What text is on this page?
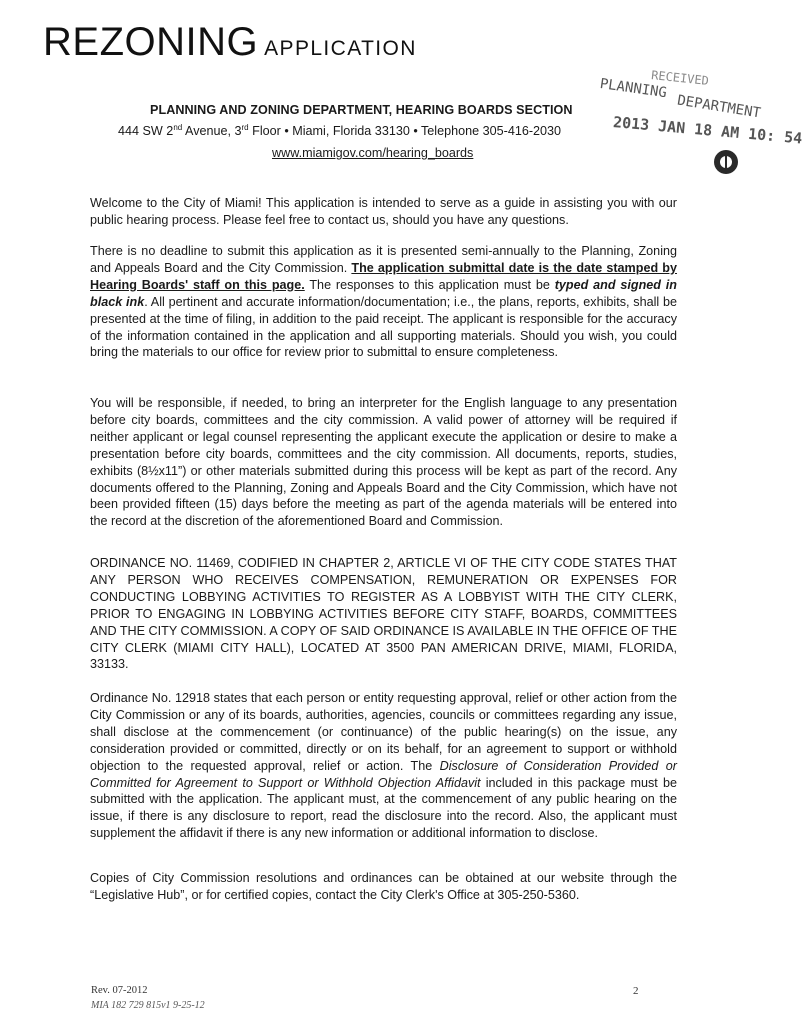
REZONING APPLICATION
RECEIVED
PLANNING
DEPARTMENT
2013 JAN 18 AM 10: 54
PLANNING AND ZONING DEPARTMENT, HEARING BOARDS SECTION
444 SW 2nd Avenue, 3rd Floor • Miami, Florida 33130 • Telephone 305-416-2030
www.miamigov.com/hearing_boards

Welcome to the City of Miami! This application is intended to serve as a guide in assisting you with our public hearing process. Please feel free to contact us, should you have any questions.

There is no deadline to submit this application as it is presented semi-annually to the Planning, Zoning and Appeals Board and the City Commission. The application submittal date is the date stamped by Hearing Boards' staff on this page. The responses to this application must be typed and signed in black ink. All pertinent and accurate information/documentation; i.e., the plans, reports, exhibits, shall be presented at the time of filing, in addition to the paid receipt. The applicant is responsible for the accuracy of the information contained in the application and all supporting materials. Should you wish, you could bring the materials to our office for review prior to submittal to ensure completeness.

You will be responsible, if needed, to bring an interpreter for the English language to any presentation before city boards, committees and the city commission. A valid power of attorney will be required if neither applicant or legal counsel representing the applicant execute the application or desire to make a presentation before city boards, committees and the city commission. All documents, reports, studies, exhibits (8½x11”) or other materials submitted during this process will be kept as part of the record. Any documents offered to the Planning, Zoning and Appeals Board and the City Commission, which have not been provided fifteen (15) days before the meeting as part of the agenda materials will be entered into the record at the discretion of the aforementioned Board and Commission.

ORDINANCE NO. 11469, CODIFIED IN CHAPTER 2, ARTICLE VI OF THE CITY CODE STATES THAT ANY PERSON WHO RECEIVES COMPENSATION, REMUNERATION OR EXPENSES FOR CONDUCTING LOBBYING ACTIVITIES TO REGISTER AS A LOBBYIST WITH THE CITY CLERK, PRIOR TO ENGAGING IN LOBBYING ACTIVITIES BEFORE CITY STAFF, BOARDS, COMMITTEES AND THE CITY COMMISSION. A COPY OF SAID ORDINANCE IS AVAILABLE IN THE OFFICE OF THE CITY CLERK (MIAMI CITY HALL), LOCATED AT 3500 PAN AMERICAN DRIVE, MIAMI, FLORIDA, 33133.

Ordinance No. 12918 states that each person or entity requesting approval, relief or other action from the City Commission or any of its boards, authorities, agencies, councils or committees regarding any issue, shall disclose at the commencement (or continuance) of the public hearing(s) on the issue, any consideration provided or committed, directly or on its behalf, for an agreement to support or withhold objection to the requested approval, relief or action. The Disclosure of Consideration Provided or Committed for Agreement to Support or Withhold Objection Affidavit included in this package must be submitted with the application. The applicant must, at the commencement of any public hearing on the issue, if there is any disclosure to report, read the disclosure into the record. Also, the applicant must supplement the affidavit if there is any new information or additional information to disclose.

Copies of City Commission resolutions and ordinances can be obtained at our website through the “Legislative Hub”, or for certified copies, contact the City Clerk's Office at 305-250-5360.

Rev. 07-2012
MIA 182 729 815v1 9-25-12
2
